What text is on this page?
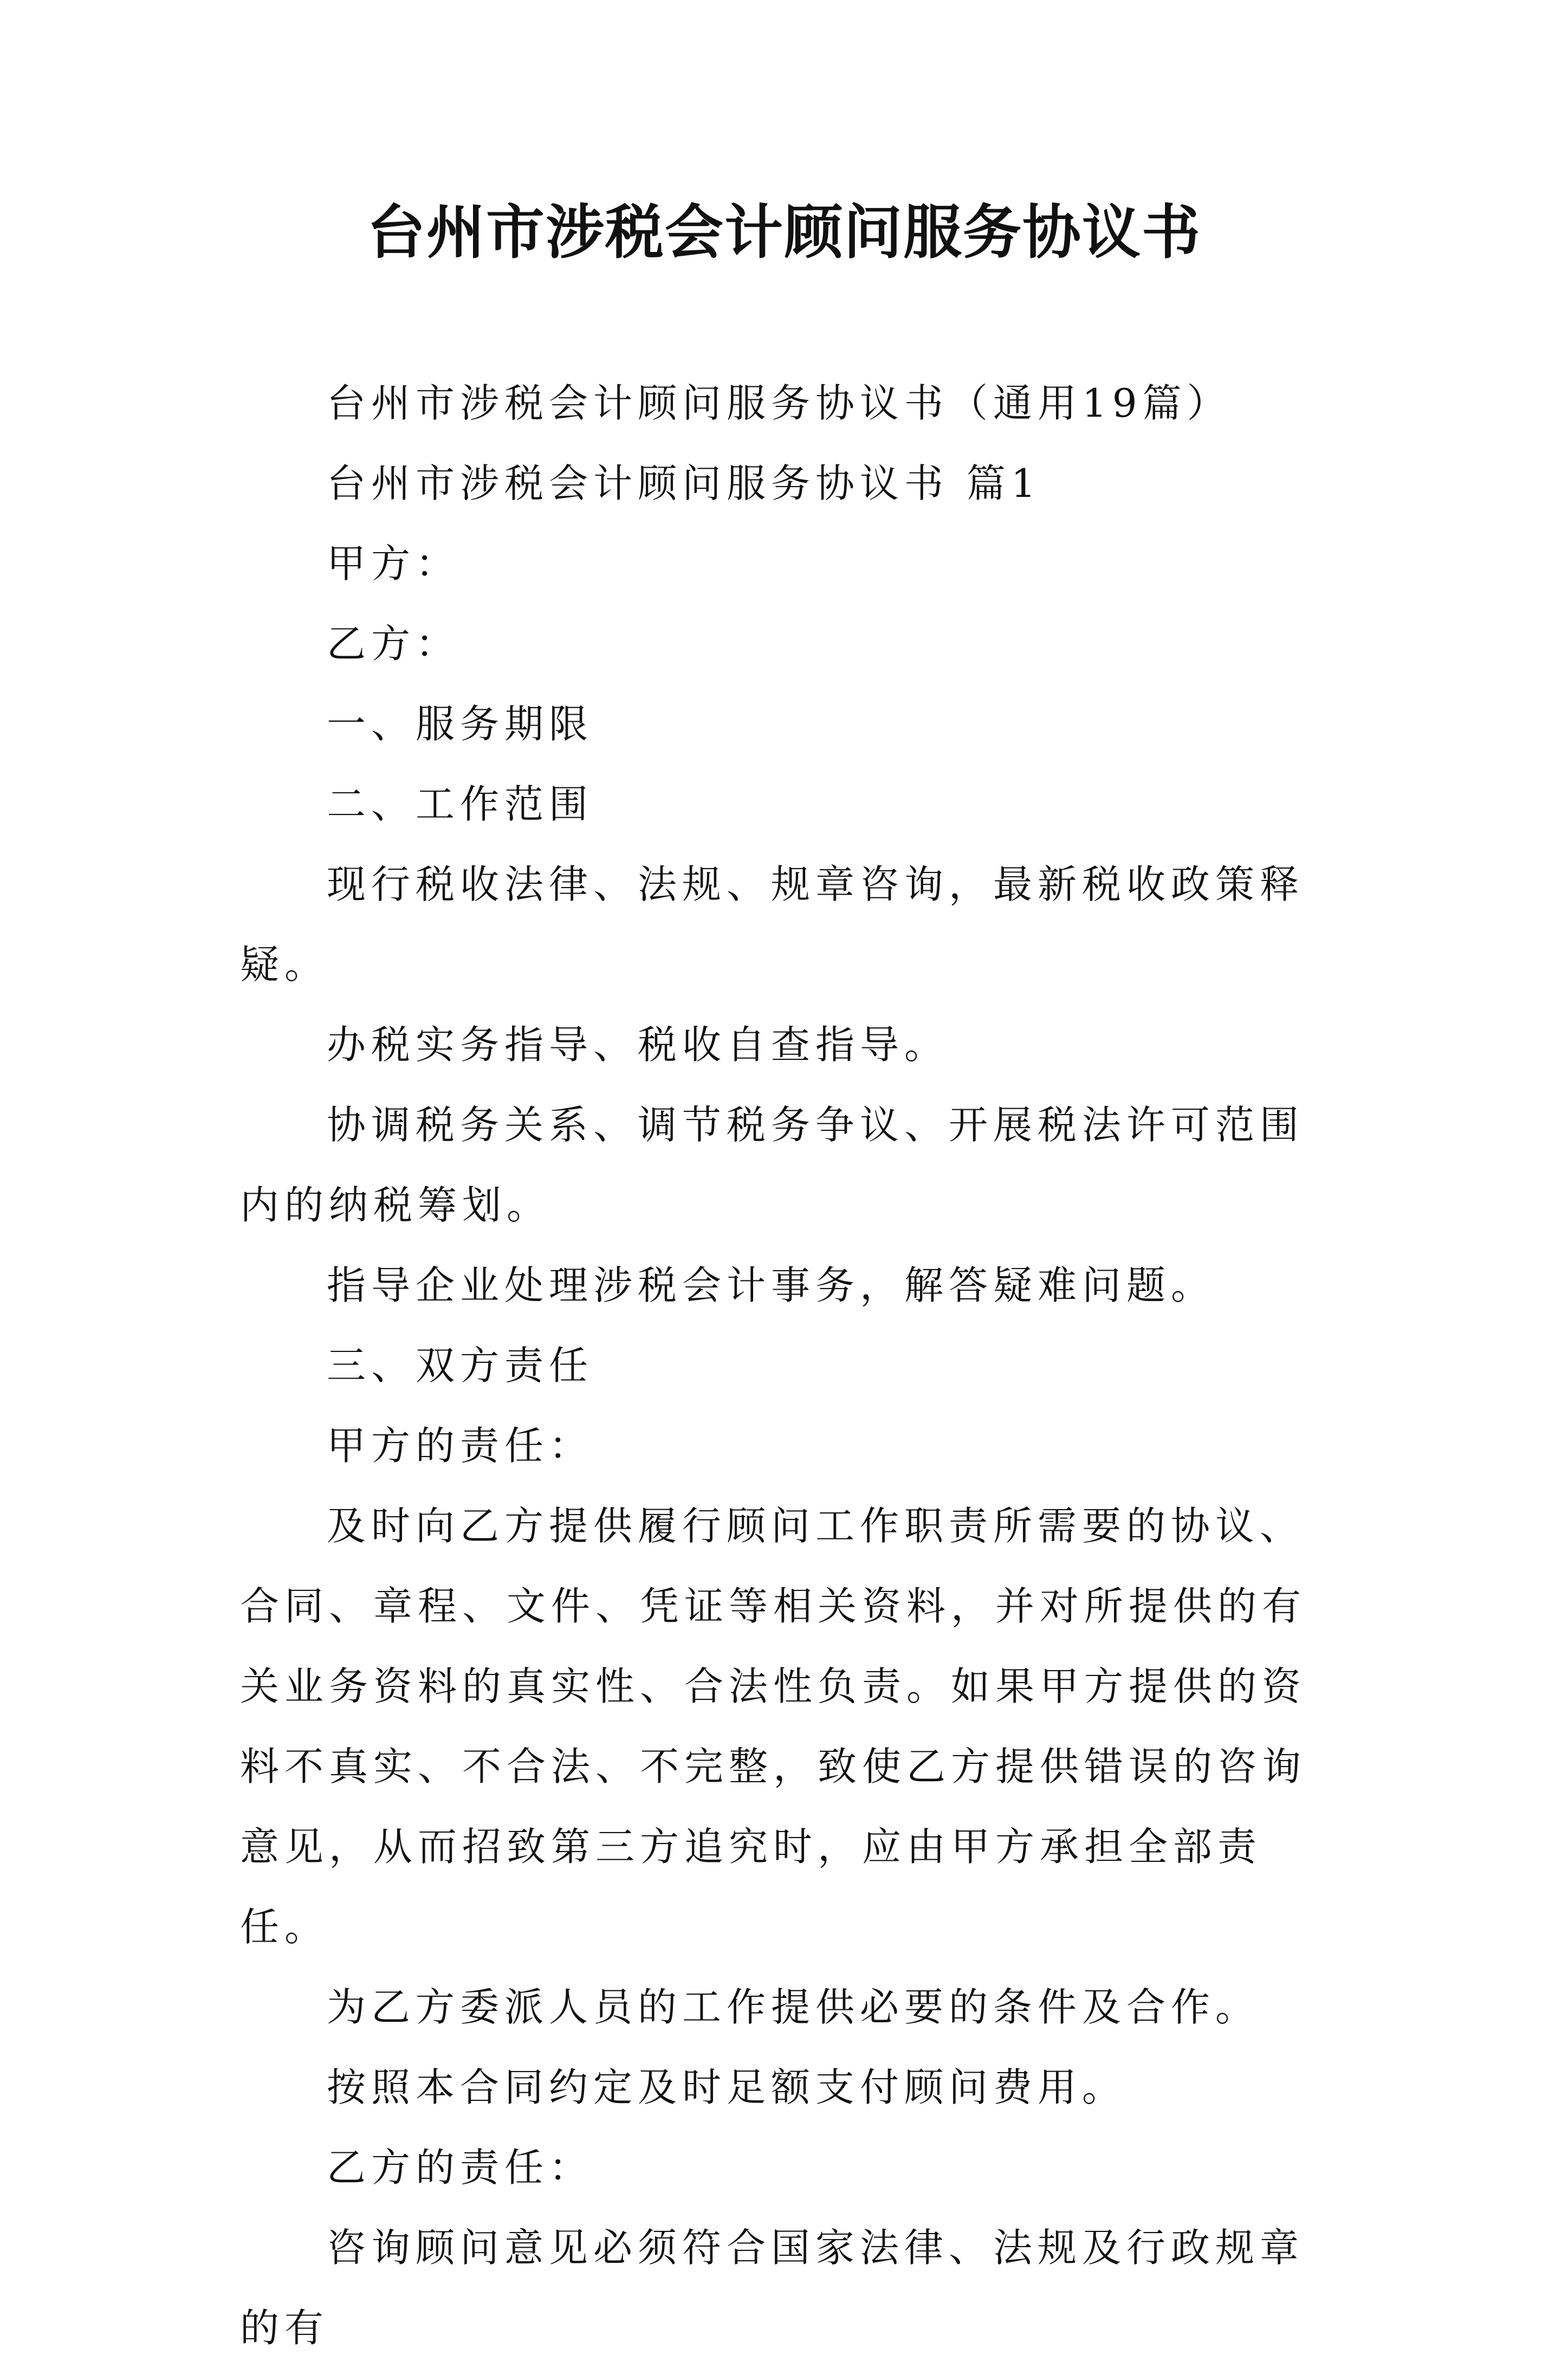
台州市涉税会计顾问服务协议书

台州市涉税会计顾问服务协议书（通用19篇）

台州市涉税会计顾问服务协议书 篇1

甲方：

乙方：

一、服务期限

二、工作范围

现行税收法律、法规、规章咨询，最新税收政策释疑。

办税实务指导、税收自查指导。

协调税务关系、调节税务争议、开展税法许可范围内的纳税筹划。

指导企业处理涉税会计事务，解答疑难问题。

三、双方责任

甲方的责任：

及时向乙方提供履行顾问工作职责所需要的协议、合同、章程、文件、凭证等相关资料，并对所提供的有关业务资料的真实性、合法性负责。如果甲方提供的资料不真实、不合法、不完整，致使乙方提供错误的咨询意见，从而招致第三方追究时，应由甲方承担全部责任。

为乙方委派人员的工作提供必要的条件及合作。

按照本合同约定及时足额支付顾问费用。

乙方的责任：

咨询顾问意见必须符合国家法律、法规及行政规章的有
